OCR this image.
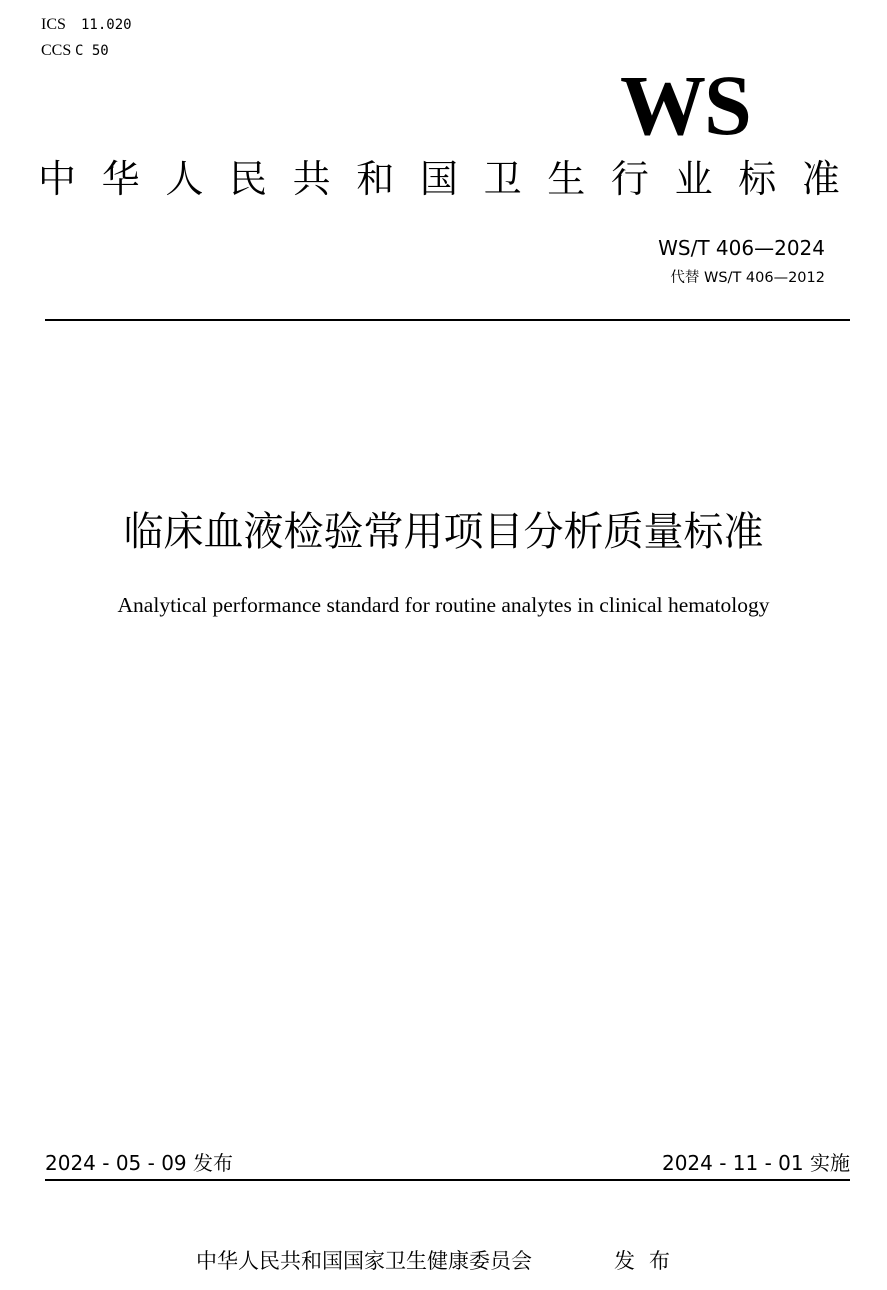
ICS 11.020
CCS C 50
WS
中 华 人 民 共 和 国 卫 生 行 业 标 准
WS/T 406—2024
代替 WS/T 406—2012
临床血液检验常用项目分析质量标准
Analytical performance standard for routine analytes in clinical hematology
2024 - 05 - 09 发布	2024 - 11 - 01 实施
中华人民共和国国家卫生健康委员会	发布
